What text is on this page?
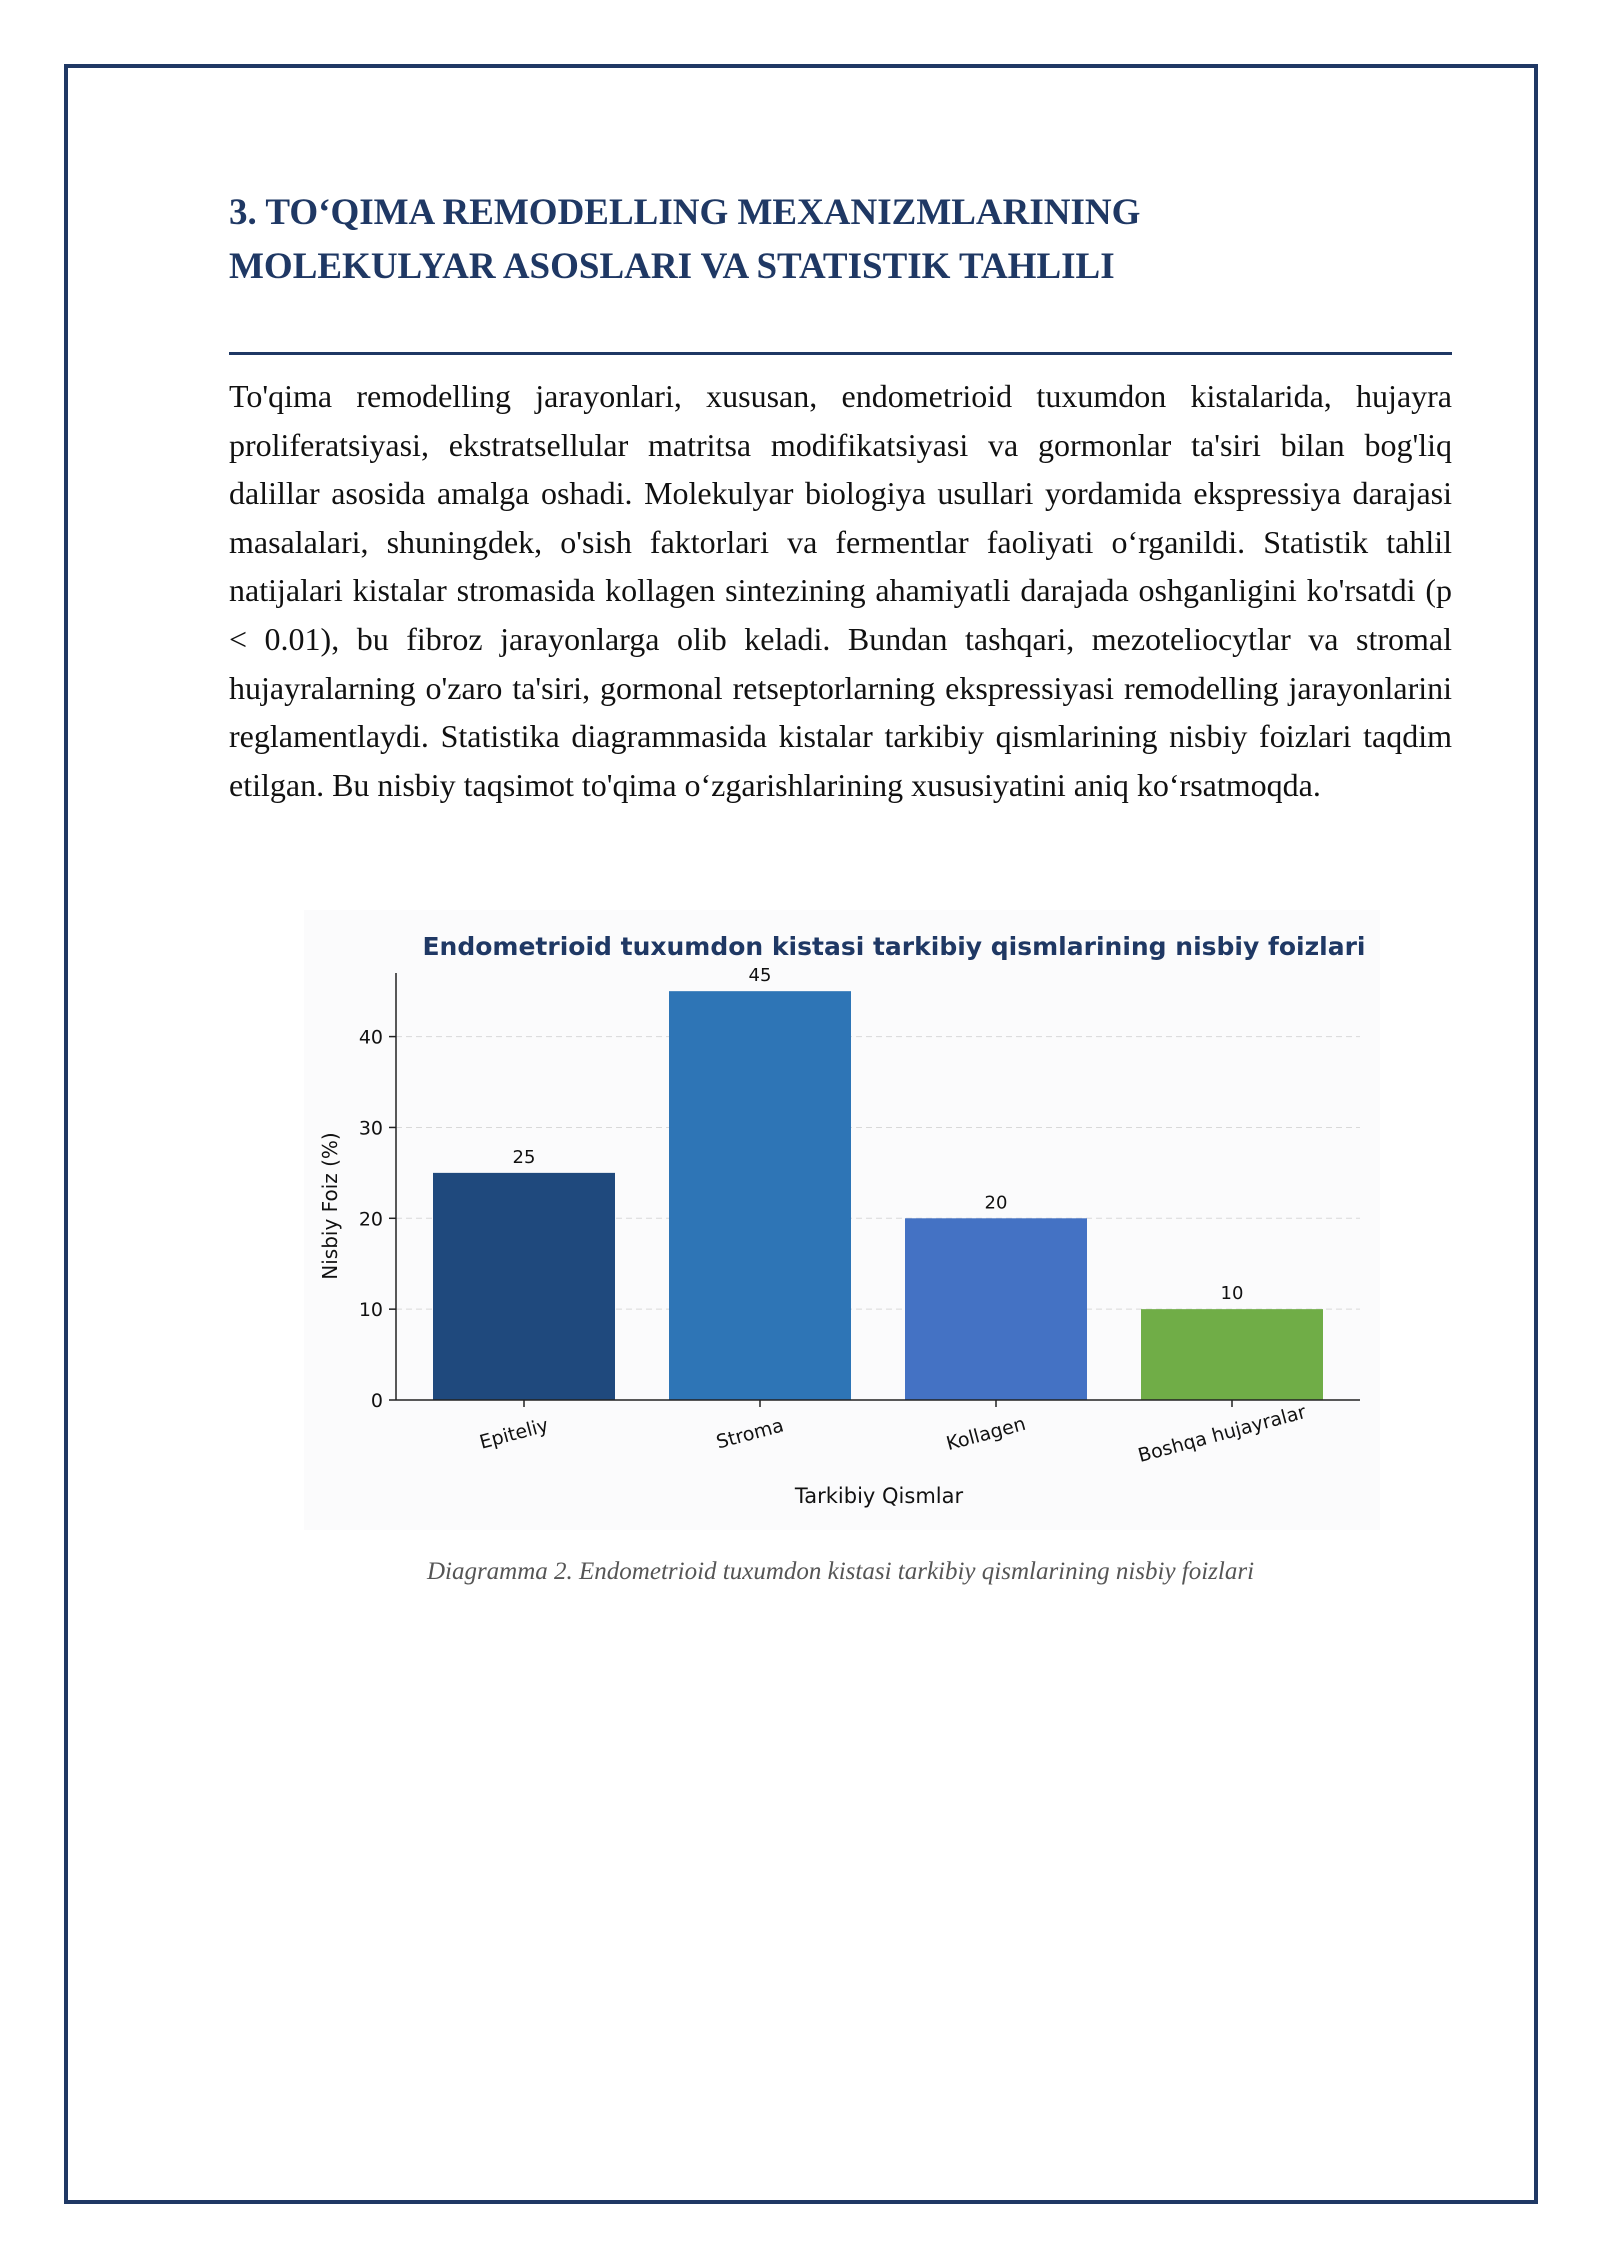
3. TO‘QIMA REMODELLING MEXANIZMLARINING
MOLEKULYAR ASOSLARI VA STATISTIK TAHLILI

To'qima remodelling jarayonlari, xususan, endometrioid tuxumdon kistalarida, hujayra proliferatsiyasi, ekstratsellular matritsa modifikatsiyasi va gormonlar ta'siri bilan bog'liq dalillar asosida amalga oshadi. Molekulyar biologiya usullari yordamida ekspressiya darajasi masalalari, shuningdek, o'sish faktorlari va fermentlar faoliyati o‘rganildi. Statistik tahlil natijalari kistalar stromasida kollagen sintezining ahamiyatli darajada oshganligini ko'rsatdi (p < 0.01), bu fibroz jarayonlarga olib keladi. Bundan tashqari, mezoteliocytlar va stromal hujayralarning o'zaro ta'siri, gormonal retseptorlarning ekspressiyasi remodelling jarayonlarini reglamentlaydi. Statistika diagrammasida kistalar tarkibiy qismlarining nisbiy foizlari taqdim etilgan. Bu nisbiy taqsimot to'qima o‘zgarishlarining xususiyatini aniq ko‘rsatmoqda.

Endometrioid tuxumdon kistasi tarkibiy qismlarining nisbiy foizlari
25
45
20
10
0
10
20
30
40
Epiteliy	Stroma	Kollagen	Boshqa hujayralar
Tarkibiy Qismlar
Nisbiy Foiz (%)

Diagramma 2. Endometrioid tuxumdon kistasi tarkibiy qismlarining nisbiy foizlari
